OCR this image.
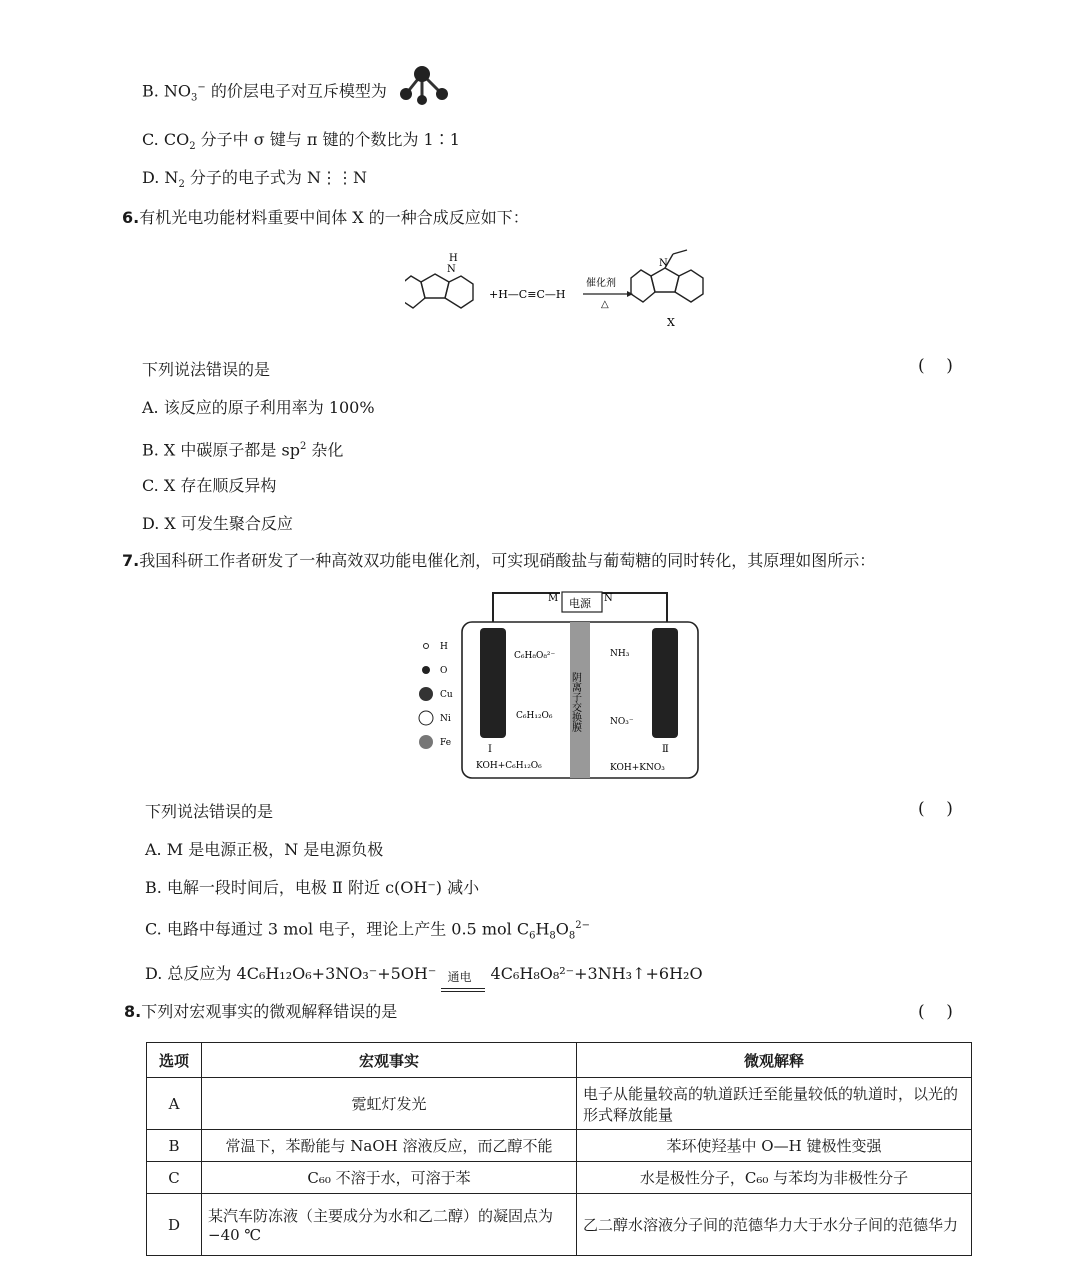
B. $NO_3^-$ 的价层电子对互斥模型为
C. $CO_2$ 分子中 σ 键与 π 键的个数比为 1∶1
D. $N_2$ 分子的电子式为 N⋮⋮N
6.有机光电功能材料重要中间体 X 的一种合成反应如下：
H
N
+H—C≡C—H
催化剂
△
N
X
下列说法错误的是	(    )
A. 该反应的原子利用率为 100%
B. X 中碳原子都是 $sp^2$ 杂化
C. X 存在顺反异构
D. X 可发生聚合反应
7.我国科研工作者研发了一种高效双功能电催化剂，可实现硝酸盐与葡萄糖的同时转化，其原理如图所示：
电源
M	N
阴离子交换膜
C₆H₈O₈²⁻
C₆H₁₂O₆
NH₃
NO₃⁻
Ⅰ	Ⅱ
KOH+C₆H₁₂O₆	KOH+KNO₃
H
O
Cu
Ni
Fe
下列说法错误的是	(    )
A. M 是电源正极，N 是电源负极
B. 电解一段时间后，电极 Ⅱ 附近 c(OH⁻) 减小
C. 电路中每通过 3 mol 电子，理论上产生 0.5 mol $C_6H_8O_8^{2-}$
D. 总反应为 4C₆H₁₂O₆+3NO₃⁻+5OH⁻ 通电 4C₆H₈O₈²⁻+3NH₃↑+6H₂O
8.下列对宏观事实的微观解释错误的是	(    )
选项	宏观事实	微观解释
A	霓虹灯发光	电子从能量较高的轨道跃迁至能量较低的轨道时，以光的形式释放能量
B	常温下，苯酚能与 NaOH 溶液反应，而乙醇不能	苯环使羟基中 O—H 键极性变强
C	C₆₀ 不溶于水，可溶于苯	水是极性分子，C₆₀ 与苯均为非极性分子
D	某汽车防冻液（主要成分为水和乙二醇）的凝固点为 −40 ℃	乙二醇水溶液分子间的范德华力大于水分子间的范德华力
